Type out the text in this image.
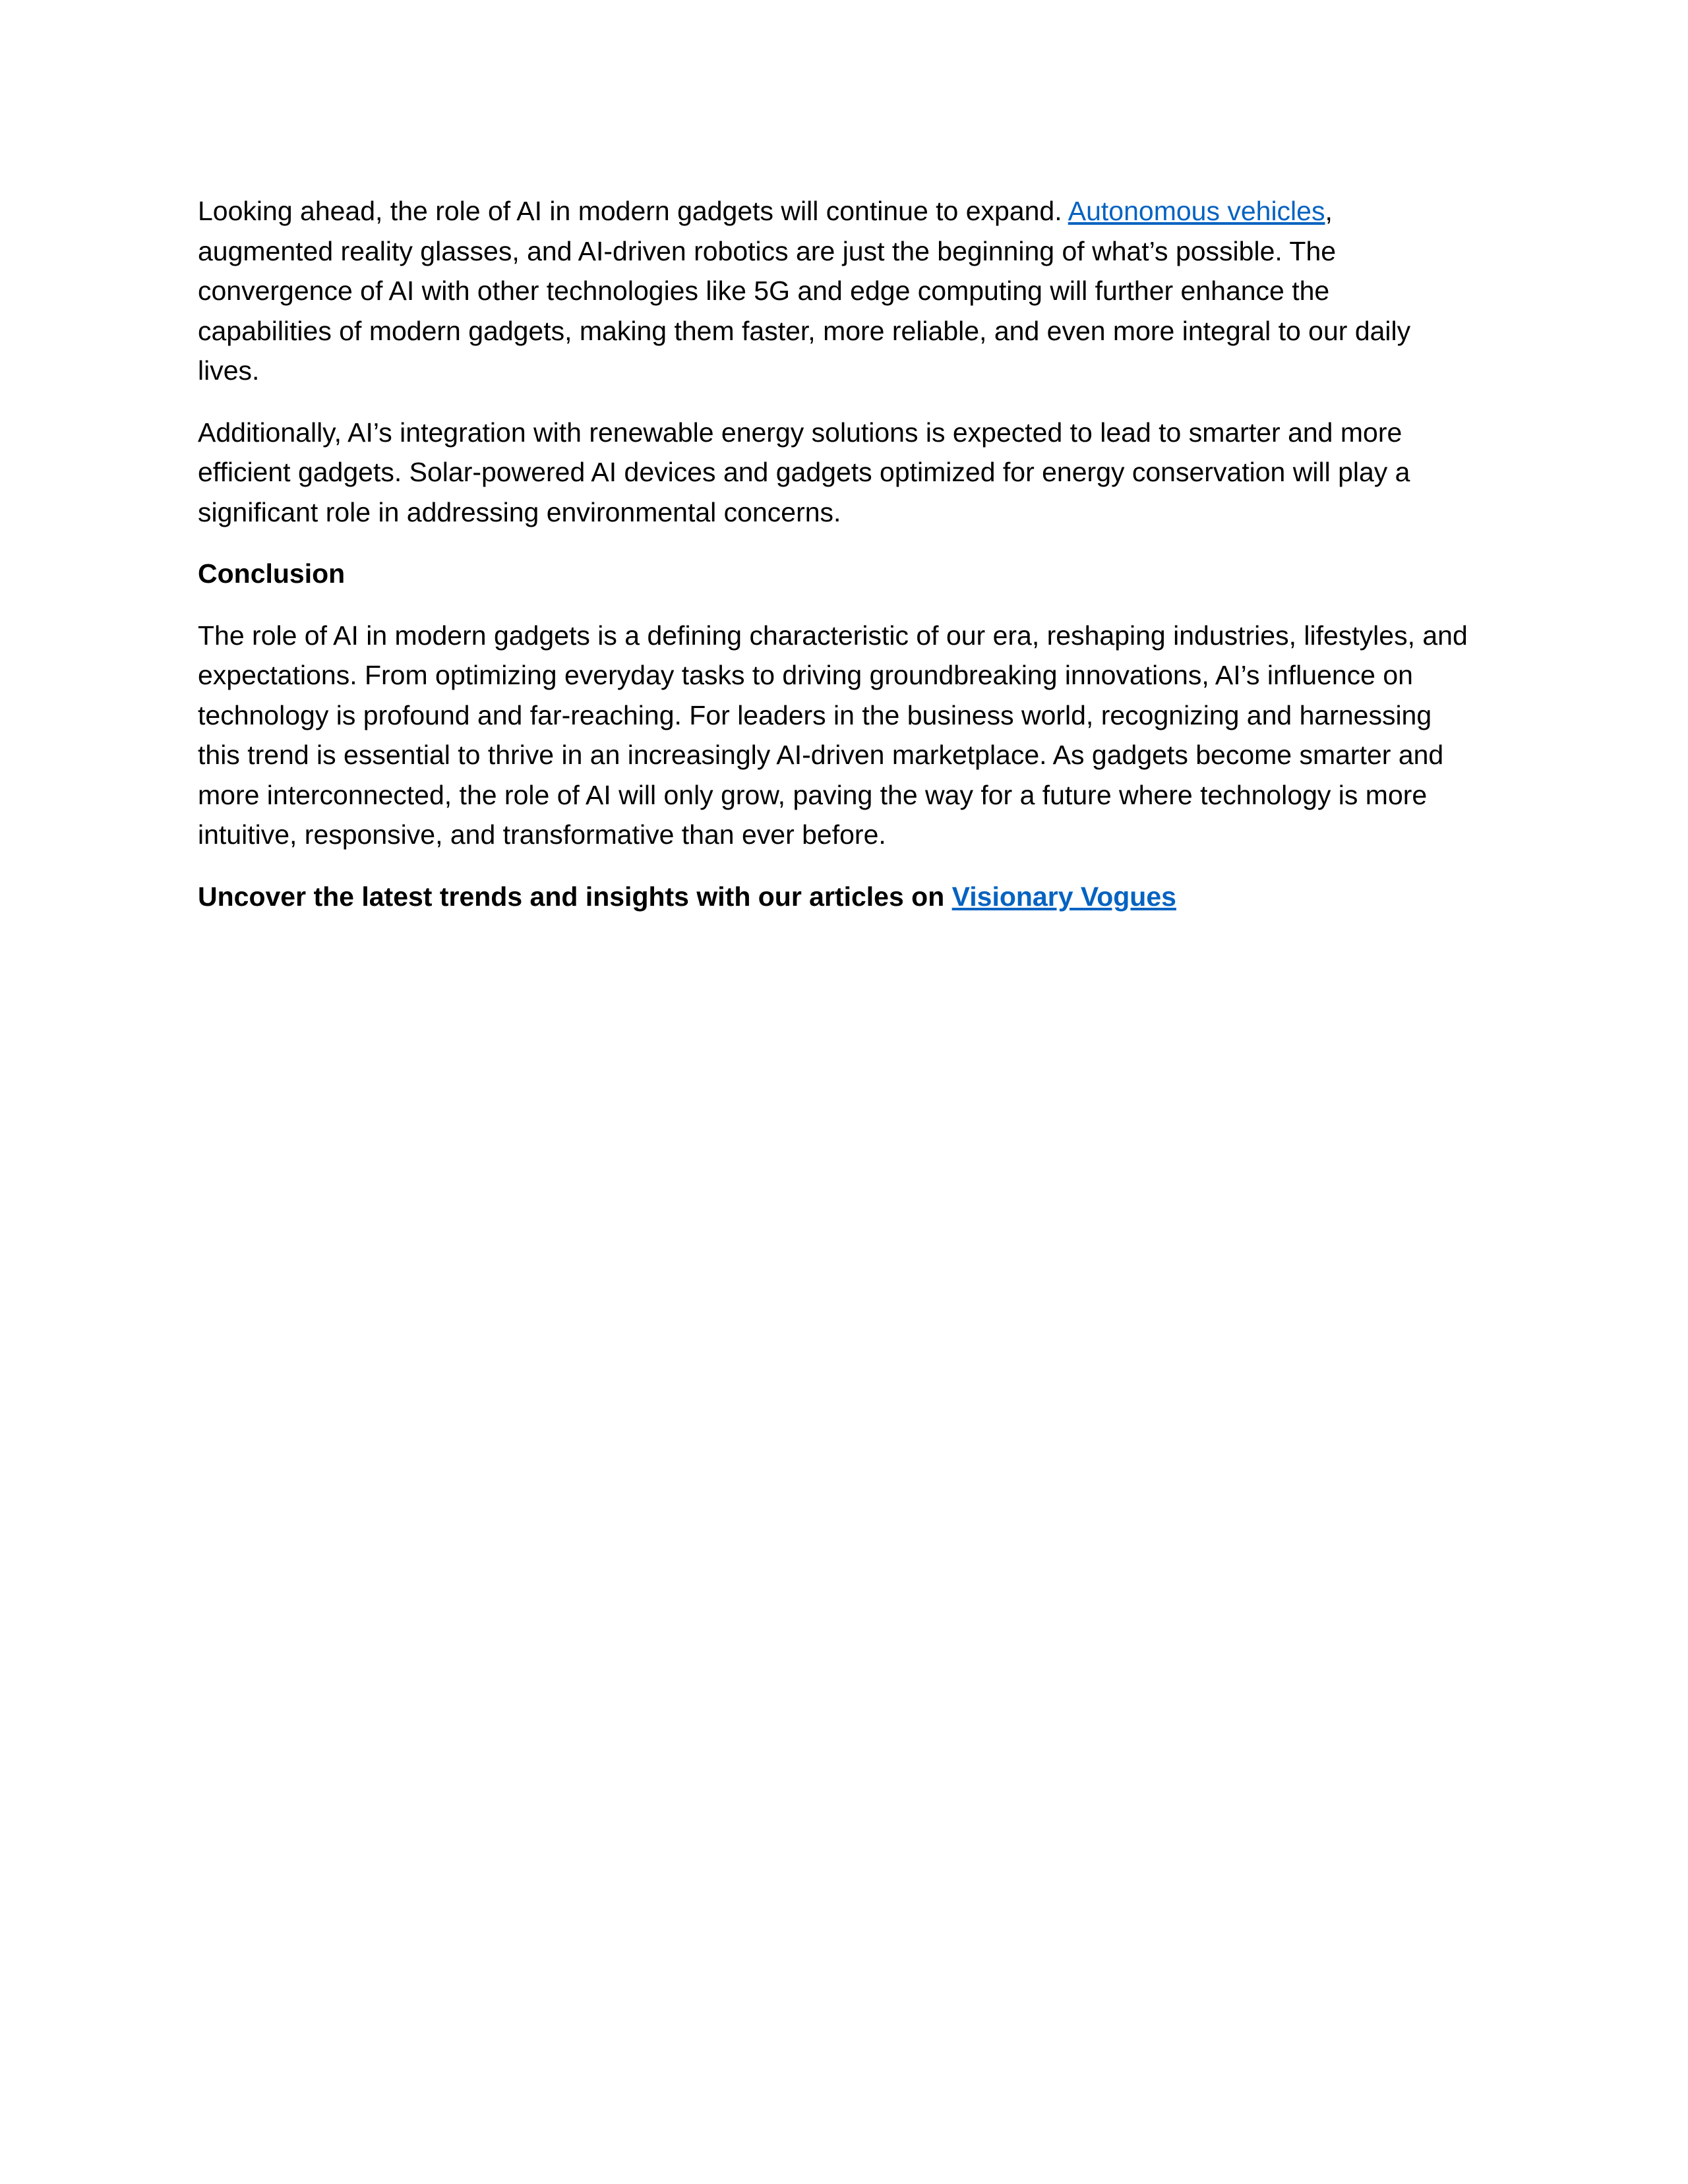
Looking ahead, the role of AI in modern gadgets will continue to expand. Autonomous vehicles, augmented reality glasses, and AI-driven robotics are just the beginning of what’s possible. The convergence of AI with other technologies like 5G and edge computing will further enhance the capabilities of modern gadgets, making them faster, more reliable, and even more integral to our daily lives.

Additionally, AI’s integration with renewable energy solutions is expected to lead to smarter and more efficient gadgets. Solar-powered AI devices and gadgets optimized for energy conservation will play a significant role in addressing environmental concerns.

Conclusion

The role of AI in modern gadgets is a defining characteristic of our era, reshaping industries, lifestyles, and expectations. From optimizing everyday tasks to driving groundbreaking innovations, AI’s influence on technology is profound and far-reaching. For leaders in the business world, recognizing and harnessing this trend is essential to thrive in an increasingly AI-driven marketplace. As gadgets become smarter and more interconnected, the role of AI will only grow, paving the way for a future where technology is more intuitive, responsive, and transformative than ever before.

Uncover the latest trends and insights with our articles on Visionary Vogues
